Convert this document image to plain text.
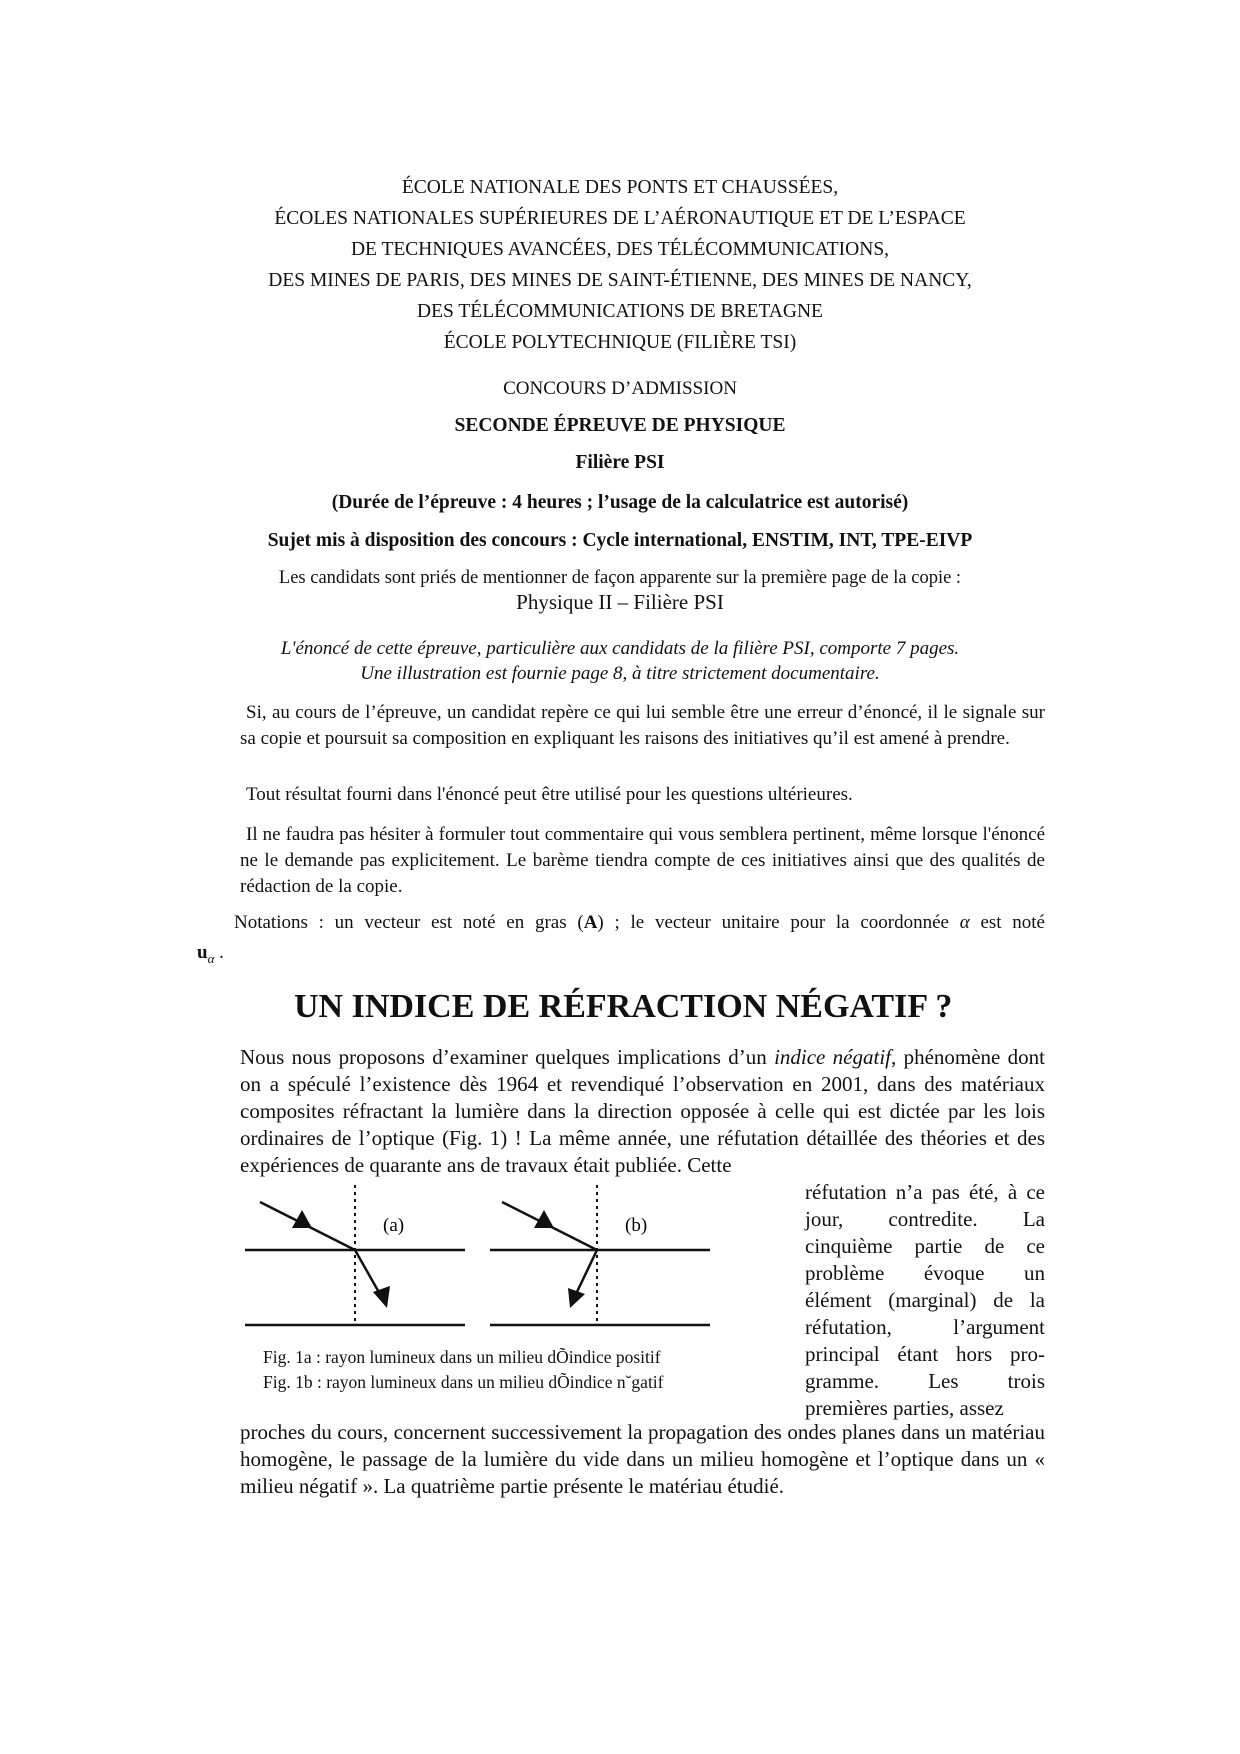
ÉCOLE NATIONALE DES PONTS ET CHAUSSÉES,
ÉCOLES NATIONALES SUPÉRIEURES DE L’AÉRONAUTIQUE ET DE L’ESPACE
DE TECHNIQUES AVANCÉES, DES TÉLÉCOMMUNICATIONS,
DES MINES DE PARIS, DES MINES DE SAINT-ÉTIENNE, DES MINES DE NANCY,
DES TÉLÉCOMMUNICATIONS DE BRETAGNE
ÉCOLE POLYTECHNIQUE (FILIÈRE TSI)
CONCOURS D’ADMISSION
SECONDE ÉPREUVE DE PHYSIQUE
Filière PSI
(Durée de l’épreuve : 4 heures ; l’usage de la calculatrice est autorisé)
Sujet mis à disposition des concours : Cycle international, ENSTIM, INT, TPE-EIVP
Les candidats sont priés de mentionner de façon apparente sur la première page de la copie :
Physique II – Filière PSI
L'énoncé de cette épreuve, particulière aux candidats de la filière PSI, comporte 7 pages.
Une illustration est fournie page 8, à titre strictement documentaire.
Si, au cours de l’épreuve, un candidat repère ce qui lui semble être une erreur d’énoncé, il le signale sur sa copie et poursuit sa composition en expliquant les raisons des initiatives qu’il est amené à prendre.
Tout résultat fourni dans l'énoncé peut être utilisé pour les questions ultérieures.
Il ne faudra pas hésiter à formuler tout commentaire qui vous semblera pertinent, même lorsque l'énoncé ne le demande pas explicitement. Le barème tiendra compte de ces initiatives ainsi que des qualités de rédaction de la copie.
Notations : un vecteur est noté en gras (A) ; le vecteur unitaire pour la coordonnée α est noté
$u_\alpha$ .
UN INDICE DE RÉFRACTION NÉGATIF ?
Nous nous proposons d’examiner quelques implications d’un indice négatif, phénomène dont on a spéculé l’existence dès 1964 et revendiqué l’observation en 2001, dans des matériaux composites réfractant la lumière dans la direction opposée à celle qui est dictée par les lois ordinaires de l’optique (Fig. 1) ! La même année, une réfutation détaillée des théories et des expériences de quarante ans de travaux était publiée. Cette
réfutation n’a pas été, à ce jour, contredite. La cinquième partie de ce problème évoque un élément (marginal) de la réfutation, l’argument principal étant hors programme. Les trois premières parties, assez
(a)	(b)
Fig. 1a : rayon lumineux dans un milieu dÕindice positif
Fig. 1b : rayon lumineux dans un milieu dÕindice n˘gatif
proches du cours, concernent successivement la propagation des ondes planes dans un matériau homogène, le passage de la lumière du vide dans un milieu homogène et l’optique dans un « milieu négatif ». La quatrième partie présente le matériau étudié.
